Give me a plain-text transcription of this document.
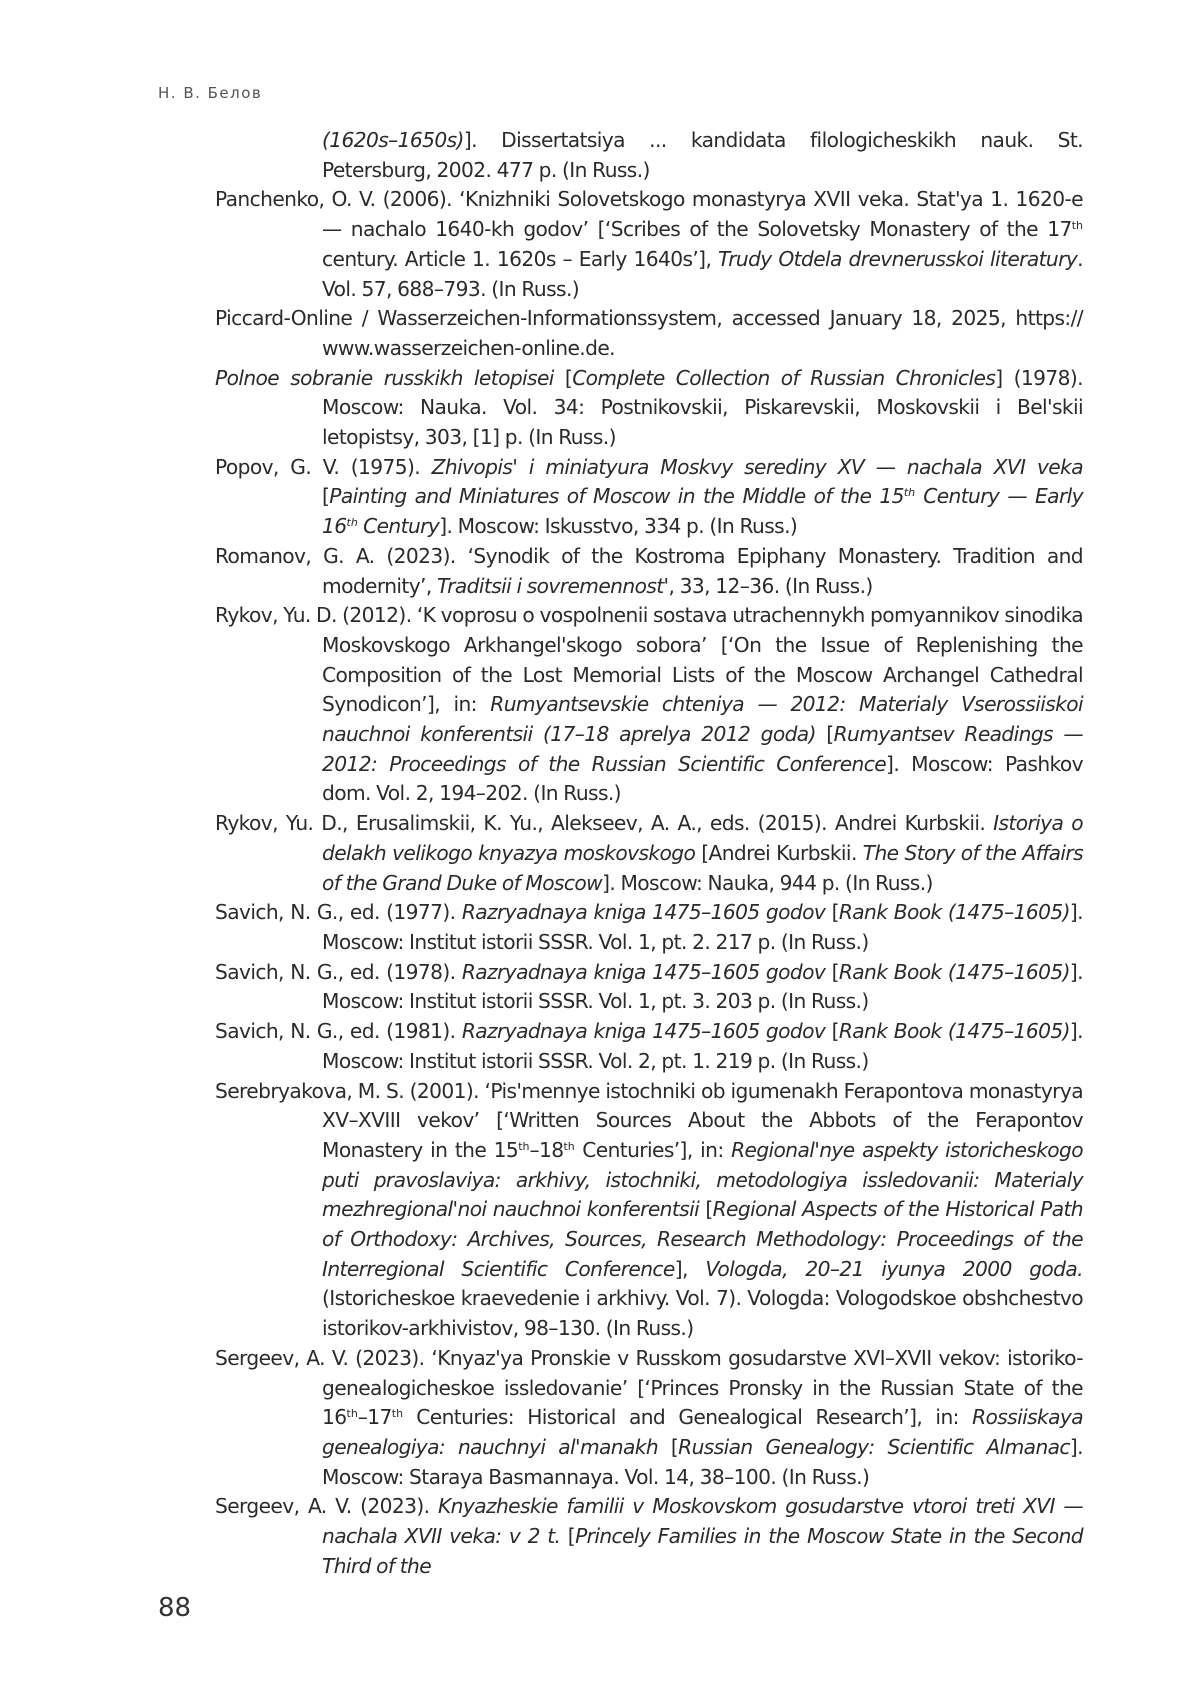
Н. В. Белов
(1620s–1650s)]. Dissertatsiya ... kandidata filologicheskikh nauk. St. Petersburg, 2002. 477 p. (In Russ.)
Panchenko, O. V. (2006). ‘Knizhniki Solovetskogo monastyrya XVII veka. Stat'ya 1. 1620-e — nachalo 1640-kh godov’ [‘Scribes of the Solovetsky Monastery of the 17th century. Article 1. 1620s – Early 1640s’], Trudy Otdela drevnerusskoi literatury. Vol. 57, 688–793. (In Russ.)
Piccard-Online / Wasserzeichen-Informationssystem, accessed January 18, 2025, https:// www.wasserzeichen-online.de.
Polnoe sobranie russkikh letopisei [Complete Collection of Russian Chronicles] (1978). Moscow: Nauka. Vol. 34: Postnikovskii, Piskarevskii, Moskovskii i Bel'skii letopistsy, 303, [1] p. (In Russ.)
Popov, G. V. (1975). Zhivopis' i miniatyura Moskvy serediny XV — nachala XVI veka [Painting and Miniatures of Moscow in the Middle of the 15th Century — Early 16th Century]. Moscow: Iskusstvo, 334 p. (In Russ.)
Romanov, G. A. (2023). ‘Synodik of the Kostroma Epiphany Monastery. Tradition and modernity’, Traditsii i sovremennost', 33, 12–36. (In Russ.)
Rykov, Yu. D. (2012). ‘K voprosu o vospolnenii sostava utrachennykh pomyannikov sinodika Moskovskogo Arkhangel'skogo sobora’ [‘On the Issue of Replenishing the Composition of the Lost Memorial Lists of the Moscow Archangel Cathedral Synodicon’], in: Rumyantsevskie chteniya — 2012: Materialy Vserossiiskoi nauchnoi konferentsii (17–18 aprelya 2012 goda) [Rumyantsev Readings — 2012: Proceedings of the Russian Scientific Conference]. Moscow: Pashkov dom. Vol. 2, 194–202. (In Russ.)
Rykov, Yu. D., Erusalimskii, K. Yu., Alekseev, A. A., eds. (2015). Andrei Kurbskii. Istoriya o delakh velikogo knyazya moskovskogo [Andrei Kurbskii. The Story of the Affairs of the Grand Duke of Moscow]. Moscow: Nauka, 944 p. (In Russ.)
Savich, N. G., ed. (1977). Razryadnaya kniga 1475–1605 godov [Rank Book (1475–1605)]. Moscow: Institut istorii SSSR. Vol. 1, pt. 2. 217 p. (In Russ.)
Savich, N. G., ed. (1978). Razryadnaya kniga 1475–1605 godov [Rank Book (1475–1605)]. Moscow: Institut istorii SSSR. Vol. 1, pt. 3. 203 p. (In Russ.)
Savich, N. G., ed. (1981). Razryadnaya kniga 1475–1605 godov [Rank Book (1475–1605)]. Moscow: Institut istorii SSSR. Vol. 2, pt. 1. 219 p. (In Russ.)
Serebryakova, M. S. (2001). ‘Pis'mennye istochniki ob igumenakh Ferapontova monastyrya XV–XVIII vekov’ [‘Written Sources About the Abbots of the Ferapontov Monastery in the 15th–18th Centuries’], in: Regional'nye aspekty istoricheskogo puti pravoslaviya: arkhivy, istochniki, metodologiya issledovanii: Materialy mezhregional'noi nauchnoi konferentsii [Regional Aspects of the Historical Path of Orthodoxy: Archives, Sources, Research Methodology: Proceedings of the Interregional Scientific Conference], Vologda, 20–21 iyunya 2000 goda. (Istoricheskoe kraevedenie i arkhivy. Vol. 7). Vologda: Vologodskoe obshchestvo istorikov-arkhivistov, 98–130. (In Russ.)
Sergeev, A. V. (2023). ‘Knyaz'ya Pronskie v Russkom gosudarstve XVI–XVII vekov: istoriko-genealogicheskoe issledovanie’ [‘Princes Pronsky in the Russian State of the 16th–17th Centuries: Historical and Genealogical Research’], in: Rossiiskaya genealogiya: nauchnyi al'manakh [Russian Genealogy: Scientific Almanac]. Moscow: Staraya Basmannaya. Vol. 14, 38–100. (In Russ.)
Sergeev, A. V. (2023). Knyazheskie familii v Moskovskom gosudarstve vtoroi treti XVI — nachala XVII veka: v 2 t. [Princely Families in the Moscow State in the Second Third of the
88
